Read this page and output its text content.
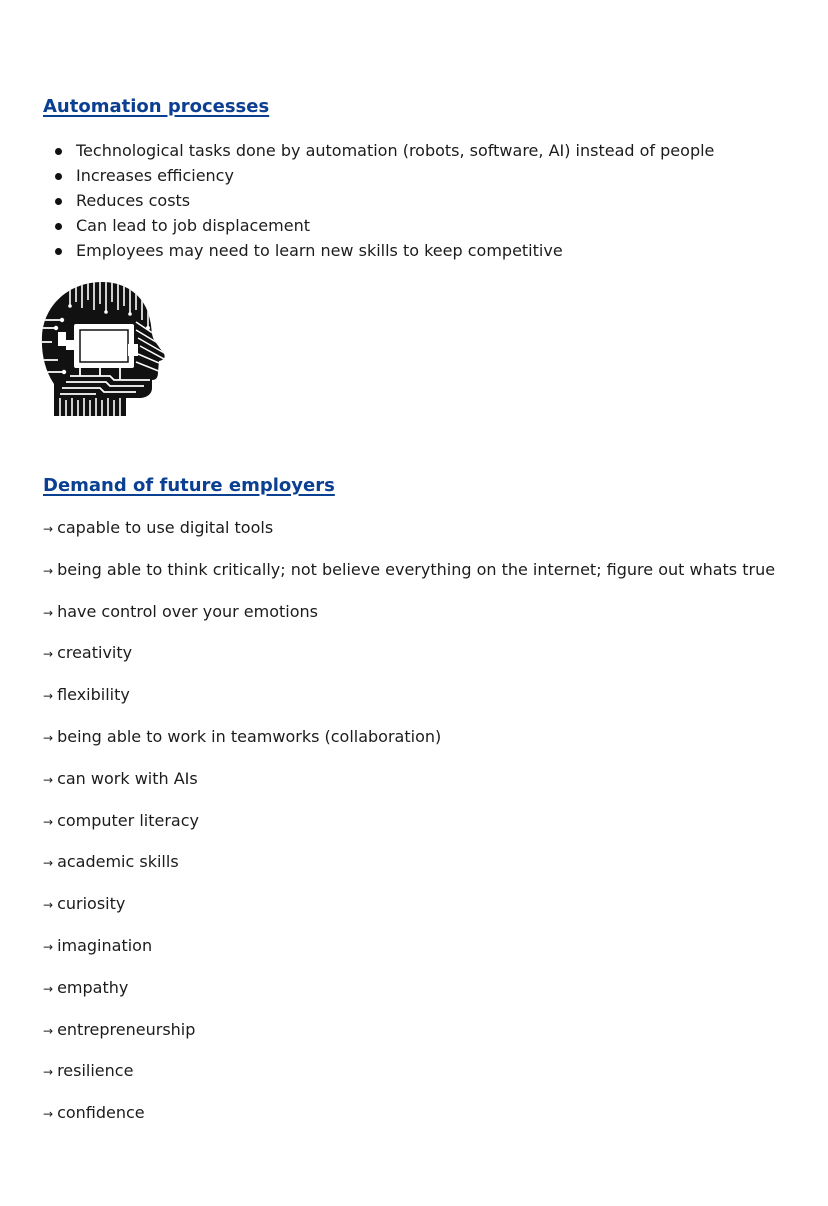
Automation processes
Technological tasks done by automation (robots, software, AI) instead of people
Increases efficiency
Reduces costs
Can lead to job displacement
Employees may need to learn new skills to keep competitive
Demand of future employers
→ capable to use digital tools
→ being able to think critically; not believe everything on the internet; figure out whats true
→ have control over your emotions
→ creativity
→ flexibility
→ being able to work in teamworks (collaboration)
→ can work with AIs
→ computer literacy
→ academic skills
→ curiosity
→ imagination
→ empathy
→ entrepreneurship
→ resilience
→ confidence
